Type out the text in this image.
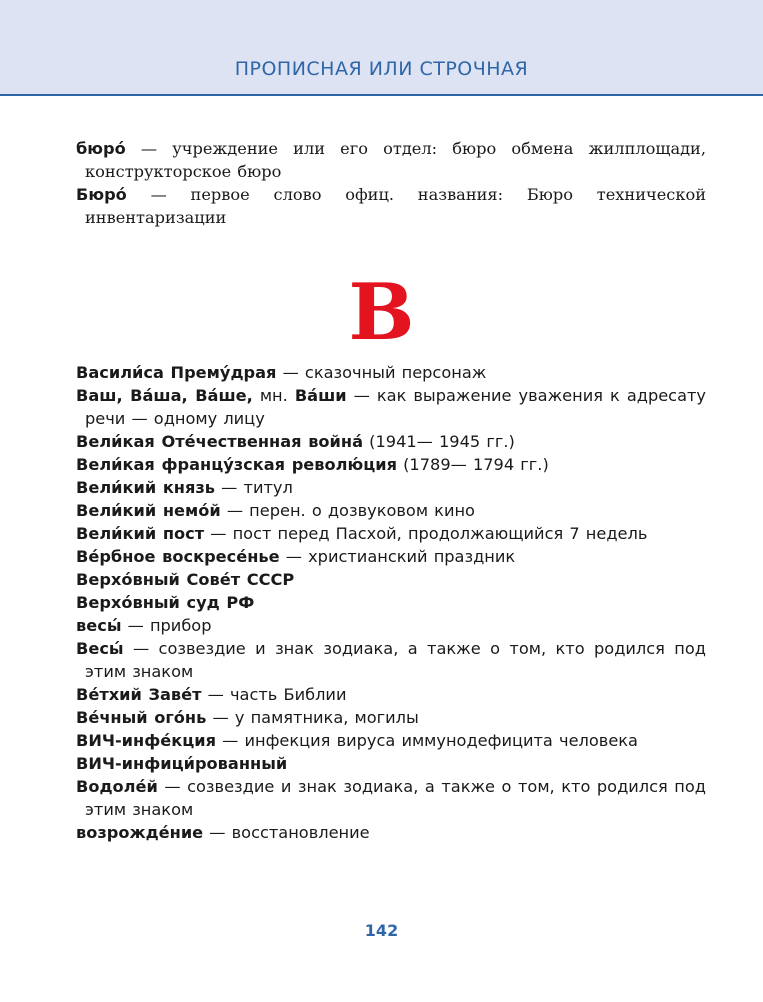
ПРОПИСНАЯ ИЛИ СТРОЧНАЯ
бюро́ — учреждение или его отдел: бюро обмена жилплощади, конструкторское бюро
Бюро́ — первое слово офиц. названия: Бюро технической инвентаризации
В
Васили́са Прему́драя — сказочный персонаж
Ваш, Ва́ша, Ва́ше, мн. Ва́ши — как выражение уважения к адресату речи — одному лицу
Вели́кая Оте́чественная война́ (1941— 1945 гг.)
Вели́кая францу́зская револю́ция (1789— 1794 гг.)
Вели́кий князь — титул
Вели́кий немо́й — перен. о дозвуковом кино
Вели́кий пост — пост перед Пасхой, продолжающийся 7 недель
Ве́рбное воскресе́нье — христианский праздник
Верхо́вный Сове́т СССР
Верхо́вный суд РФ
весы́ — прибор
Весы́ — созвездие и знак зодиака, а также о том, кто родился под этим знаком
Ве́тхий Заве́т — часть Библии
Ве́чный ого́нь — у памятника, могилы
ВИЧ-инфе́кция — инфекция вируса иммунодефицита человека
ВИЧ-инфици́рованный
Водоле́й — созвездие и знак зодиака, а также о том, кто родился под этим знаком
возрожде́ние — восстановление
142
